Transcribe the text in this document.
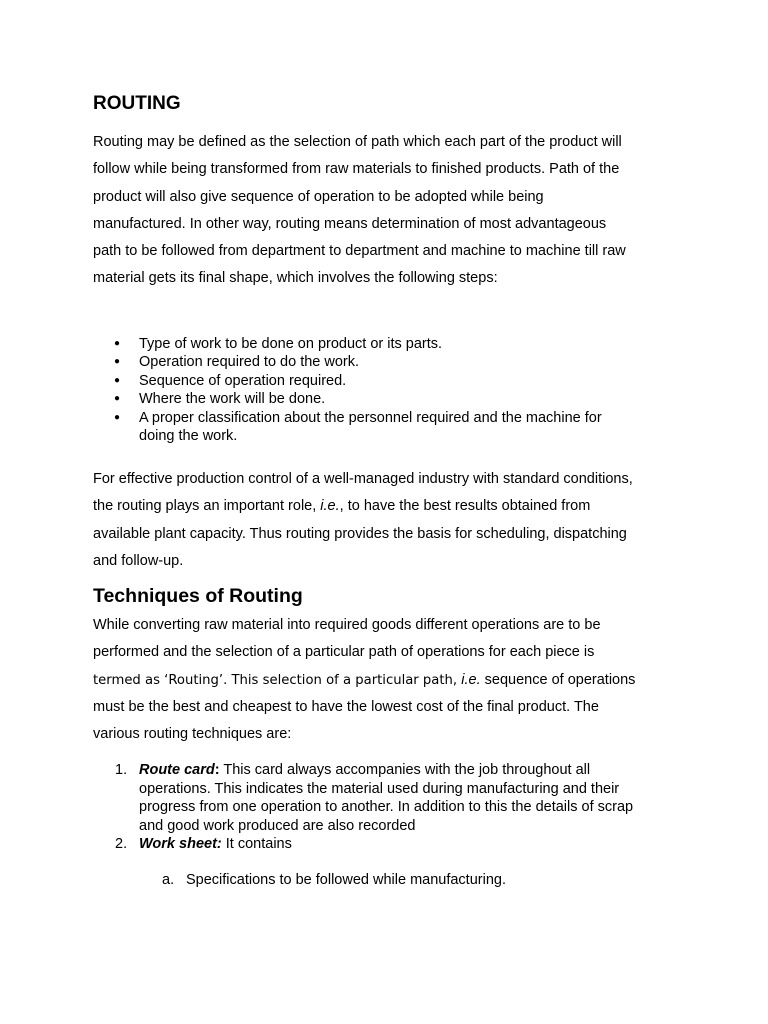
ROUTING

Routing may be defined as the selection of path which each part of the product will
follow while being transformed from raw materials to finished products. Path of the
product will also give sequence of operation to be adopted while being
manufactured. In other way, routing means determination of most advantageous
path to be followed from department to department and machine to machine till raw
material gets its final shape, which involves the following steps:

● Type of work to be done on product or its parts.
● Operation required to do the work.
● Sequence of operation required.
● Where the work will be done.
● A proper classification about the personnel required and the machine for
doing the work.

For effective production control of a well-managed industry with standard conditions,
the routing plays an important role, i.e., to have the best results obtained from
available plant capacity. Thus routing provides the basis for scheduling, dispatching
and follow-up.

Techniques of Routing

While converting raw material into required goods different operations are to be
performed and the selection of a particular path of operations for each piece is
termed as ‘Routing’. This selection of a particular path, i.e. sequence of operations
must be the best and cheapest to have the lowest cost of the final product. The
various routing techniques are:

1. Route card: This card always accompanies with the job throughout all
operations. This indicates the material used during manufacturing and their
progress from one operation to another. In addition to this the details of scrap
and good work produced are also recorded
2. Work sheet: It contains
a. Specifications to be followed while manufacturing.
